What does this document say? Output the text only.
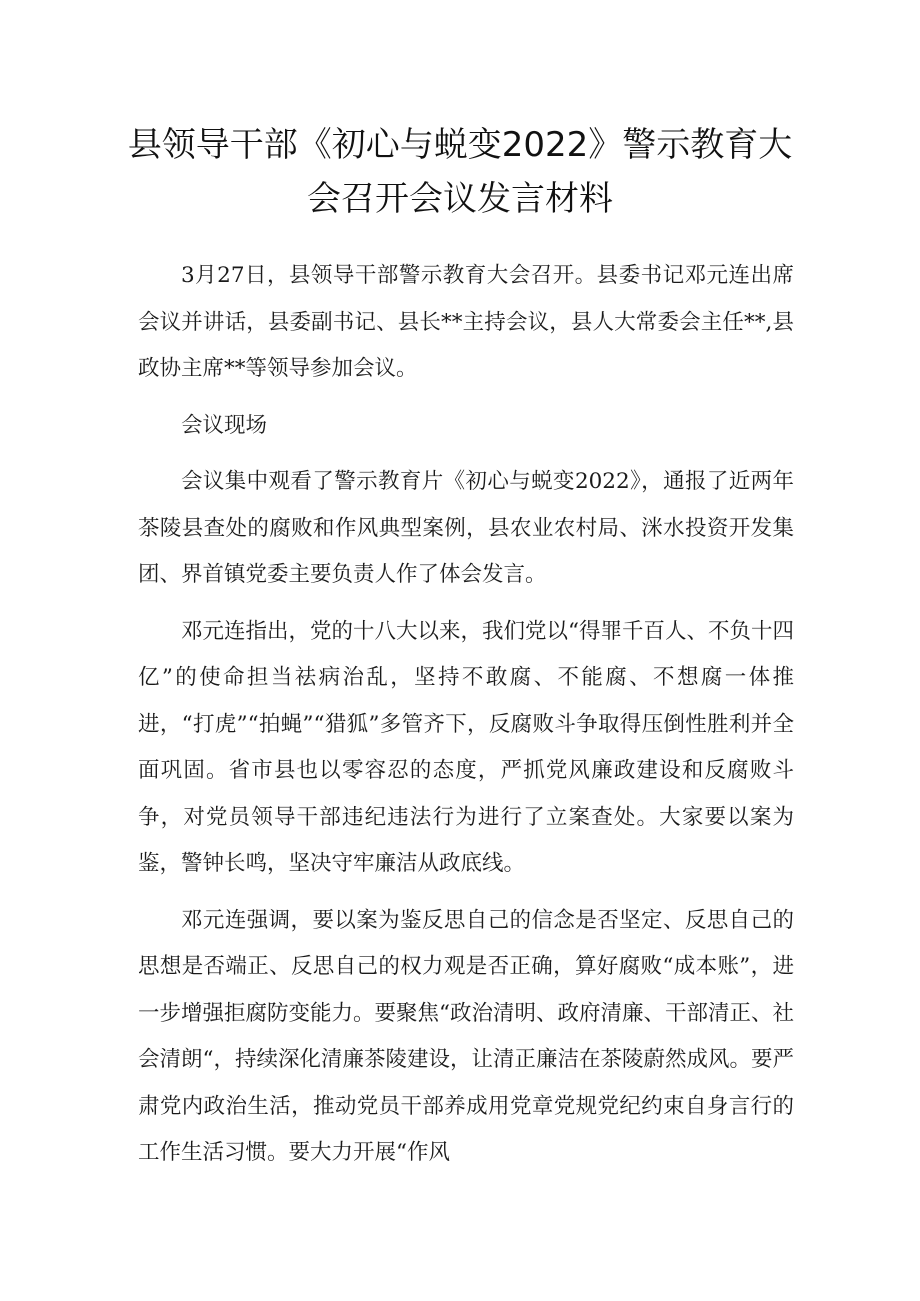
县领导干部《初心与蜕变2022》警示教育大会召开会议发言材料

3月27日，县领导干部警示教育大会召开。县委书记邓元连出席会议并讲话，县委副书记、县长**主持会议，县人大常委会主任**,县政协主席**等领导参加会议。

会议现场

会议集中观看了警示教育片《初心与蜕变2022》，通报了近两年茶陵县查处的腐败和作风典型案例，县农业农村局、洣水投资开发集团、界首镇党委主要负责人作了体会发言。

邓元连指出，党的十八大以来，我们党以“得罪千百人、不负十四亿”的使命担当祛病治乱，坚持不敢腐、不能腐、不想腐一体推进，“打虎”“拍蝇”“猎狐”多管齐下，反腐败斗争取得压倒性胜利并全面巩固。省市县也以零容忍的态度，严抓党风廉政建设和反腐败斗争，对党员领导干部违纪违法行为进行了立案查处。大家要以案为鉴，警钟长鸣，坚决守牢廉洁从政底线。

邓元连强调，要以案为鉴反思自己的信念是否坚定、反思自己的思想是否端正、反思自己的权力观是否正确，算好腐败“成本账”，进一步增强拒腐防变能力。要聚焦“政治清明、政府清廉、干部清正、社会清朗“，持续深化清廉茶陵建设，让清正廉洁在茶陵蔚然成风。要严肃党内政治生活，推动党员干部养成用党章党规党纪约束自身言行的工作生活习惯。要大力开展“作风
